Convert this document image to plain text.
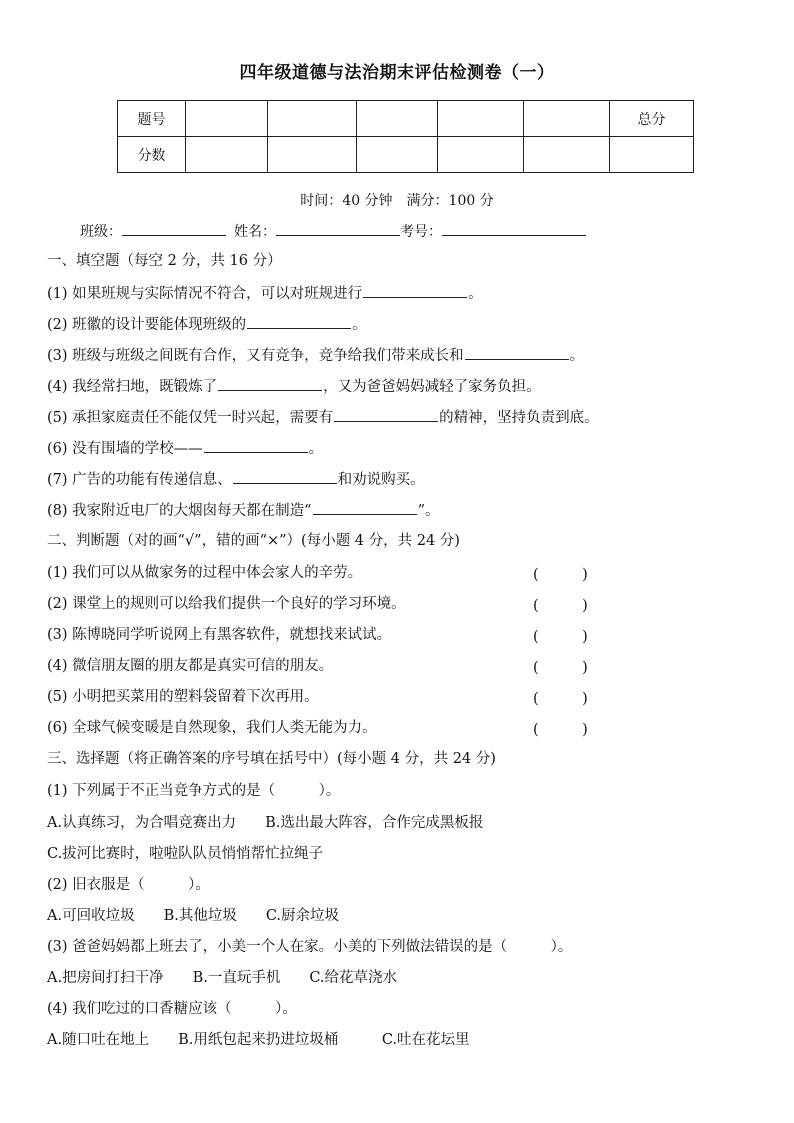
四年级道德与法治期末评估检测卷（一）
题号						总分
分数						
时间：40 分钟　满分：100 分
班级：	姓名：	考号：
一、填空题（每空 2 分，共 16 分）
(1) 如果班规与实际情况不符合，可以对班规进行	。
(2) 班徽的设计要能体现班级的	。
(3) 班级与班级之间既有合作，又有竞争，竞争给我们带来成长和	。
(4) 我经常扫地，既锻炼了	，又为爸爸妈妈减轻了家务负担。
(5) 承担家庭责任不能仅凭一时兴起，需要有	的精神，坚持负责到底。
(6) 没有围墙的学校——	。
(7) 广告的功能有传递信息、	和劝说购买。
(8) 我家附近电厂的大烟囱每天都在制造“	”。
二、判断题（对的画“√”，错的画“×”）(每小题 4 分，共 24 分)
(1) 我们可以从做家务的过程中体会家人的辛劳。	(　　　)
(2) 课堂上的规则可以给我们提供一个良好的学习环境。	(　　　)
(3) 陈博晓同学听说网上有黑客软件，就想找来试试。	(　　　)
(4) 微信朋友圈的朋友都是真实可信的朋友。	(　　　)
(5) 小明把买菜用的塑料袋留着下次再用。	(　　　)
(6) 全球气候变暖是自然现象，我们人类无能为力。	(　　　)
三、选择题（将正确答案的序号填在括号中）(每小题 4 分，共 24 分)
(1) 下列属于不正当竞争方式的是（　　　）。
A.认真练习，为合唱竞赛出力　　B.选出最大阵容，合作完成黑板报
C.拔河比赛时，啦啦队队员悄悄帮忙拉绳子
(2) 旧衣服是（　　　）。
A.可回收垃圾　　B.其他垃圾　　C.厨余垃圾
(3) 爸爸妈妈都上班去了，小美一个人在家。小美的下列做法错误的是（　　　）。
A.把房间打扫干净　　B.一直玩手机　　C.给花草浇水
(4) 我们吃过的口香糖应该（　　　）。
A.随口吐在地上　　B.用纸包起来扔进垃圾桶　　　C.吐在花坛里
